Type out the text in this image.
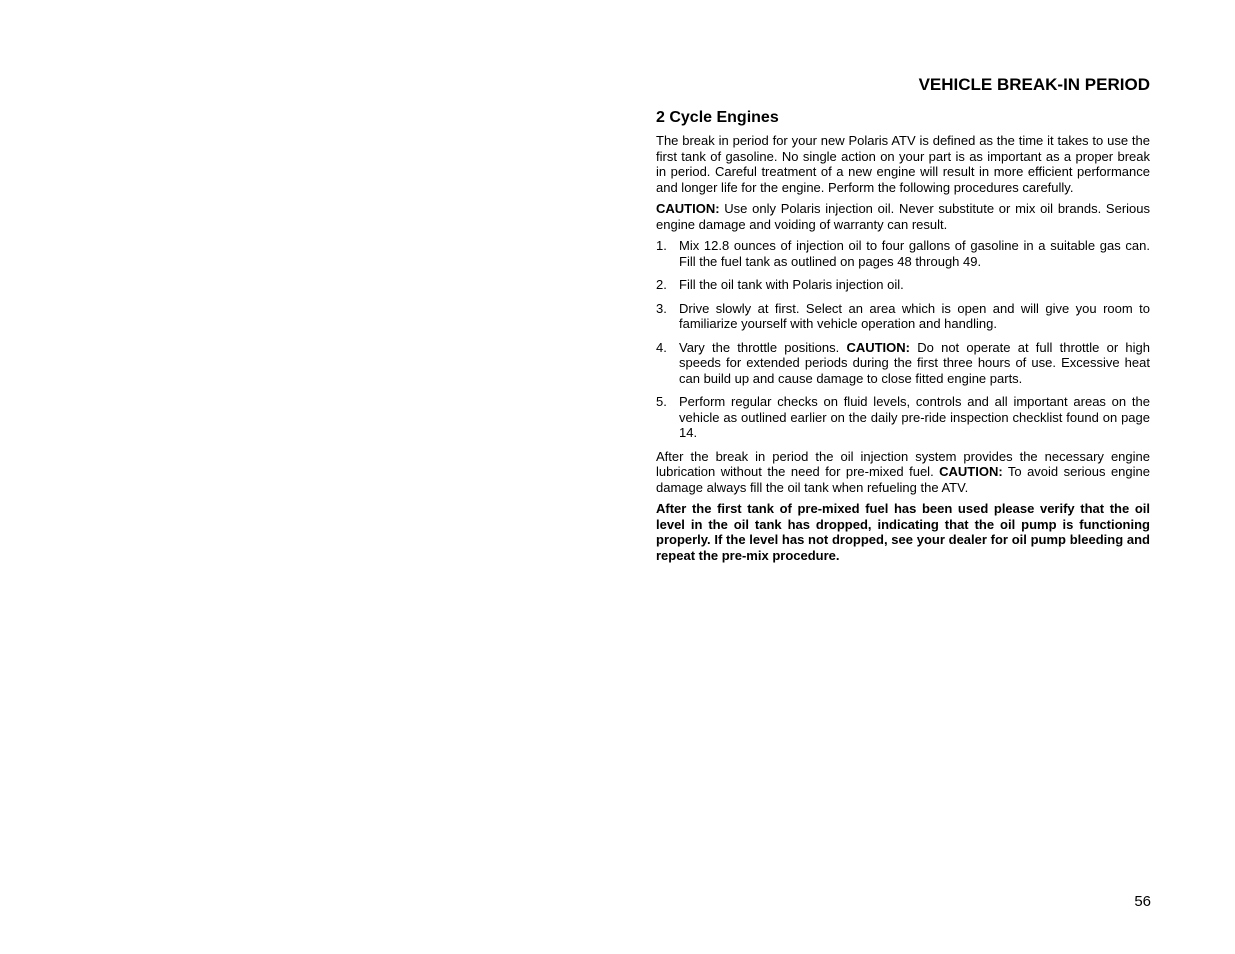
VEHICLE BREAK-IN PERIOD
2 Cycle Engines

The break in period for your new Polaris ATV is defined as the time it takes to use the first tank of gasoline. No single action on your part is as important as a proper break in period. Careful treatment of a new engine will result in more efficient performance and longer life for the engine. Perform the following procedures carefully.

CAUTION: Use only Polaris injection oil. Never substitute or mix oil brands. Serious engine damage and voiding of warranty can result.

1. Mix 12.8 ounces of injection oil to four gallons of gasoline in a suitable gas can. Fill the fuel tank as outlined on pages 48 through 49.
2. Fill the oil tank with Polaris injection oil.
3. Drive slowly at first. Select an area which is open and will give you room to familiarize yourself with vehicle operation and handling.
4. Vary the throttle positions. CAUTION: Do not operate at full throttle or high speeds for extended periods during the first three hours of use. Excessive heat can build up and cause damage to close fitted engine parts.
5. Perform regular checks on fluid levels, controls and all important areas on the vehicle as outlined earlier on the daily pre-ride inspection checklist found on page 14.

After the break in period the oil injection system provides the necessary engine lubrication without the need for pre-mixed fuel. CAUTION: To avoid serious engine damage always fill the oil tank when refueling the ATV.

After the first tank of pre-mixed fuel has been used please verify that the oil level in the oil tank has dropped, indicating that the oil pump is functioning properly. If the level has not dropped, see your dealer for oil pump bleeding and repeat the pre-mix procedure.

56
